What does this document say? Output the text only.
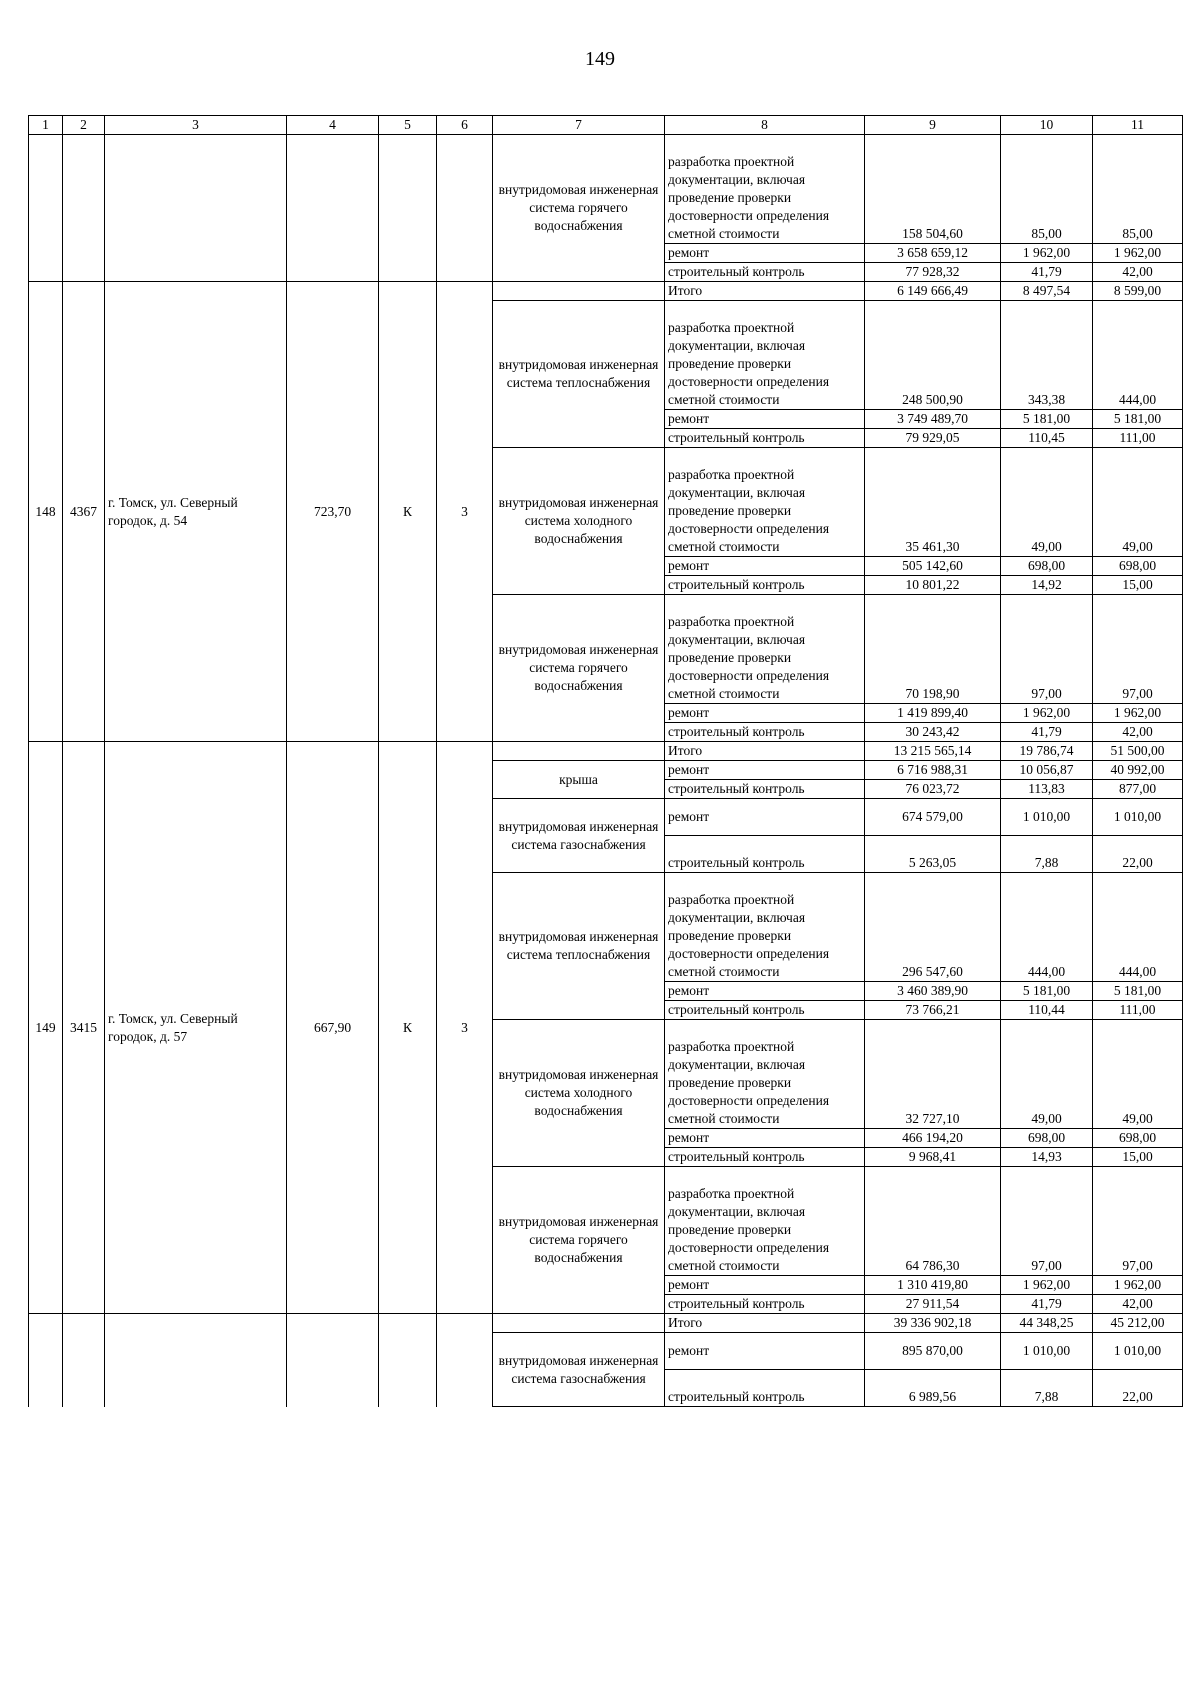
149
1	2	3	4	5	6	7	8	9	10	11
						внутридомовая инженерная система горячего водоснабжения	разработка проектной документации, включая проведение проверки достоверности определения сметной стоимости	158 504,60	85,00	85,00
							ремонт	3 658 659,12	1 962,00	1 962,00
							строительный контроль	77 928,32	41,79	42,00
148	4367	г. Томск, ул. Северный городок, д. 54	723,70	К	3		Итого	6 149 666,49	8 497,54	8 599,00
						внутридомовая инженерная система теплоснабжения	разработка проектной документации, включая проведение проверки достоверности определения сметной стоимости	248 500,90	343,38	444,00
							ремонт	3 749 489,70	5 181,00	5 181,00
							строительный контроль	79 929,05	110,45	111,00
						внутридомовая инженерная система холодного водоснабжения	разработка проектной документации, включая проведение проверки достоверности определения сметной стоимости	35 461,30	49,00	49,00
							ремонт	505 142,60	698,00	698,00
							строительный контроль	10 801,22	14,92	15,00
						внутридомовая инженерная система горячего водоснабжения	разработка проектной документации, включая проведение проверки достоверности определения сметной стоимости	70 198,90	97,00	97,00
							ремонт	1 419 899,40	1 962,00	1 962,00
							строительный контроль	30 243,42	41,79	42,00
149	3415	г. Томск, ул. Северный городок, д. 57	667,90	К	3		Итого	13 215 565,14	19 786,74	51 500,00
						крыша	ремонт	6 716 988,31	10 056,87	40 992,00
							строительный контроль	76 023,72	113,83	877,00
						внутридомовая инженерная система газоснабжения	ремонт	674 579,00	1 010,00	1 010,00
							строительный контроль	5 263,05	7,88	22,00
						внутридомовая инженерная система теплоснабжения	разработка проектной документации, включая проведение проверки достоверности определения сметной стоимости	296 547,60	444,00	444,00
							ремонт	3 460 389,90	5 181,00	5 181,00
							строительный контроль	73 766,21	110,44	111,00
						внутридомовая инженерная система холодного водоснабжения	разработка проектной документации, включая проведение проверки достоверности определения сметной стоимости	32 727,10	49,00	49,00
							ремонт	466 194,20	698,00	698,00
							строительный контроль	9 968,41	14,93	15,00
						внутридомовая инженерная система горячего водоснабжения	разработка проектной документации, включая проведение проверки достоверности определения сметной стоимости	64 786,30	97,00	97,00
							ремонт	1 310 419,80	1 962,00	1 962,00
							строительный контроль	27 911,54	41,79	42,00
							Итого	39 336 902,18	44 348,25	45 212,00
						внутридомовая инженерная система газоснабжения	ремонт	895 870,00	1 010,00	1 010,00
							строительный контроль	6 989,56	7,88	22,00
